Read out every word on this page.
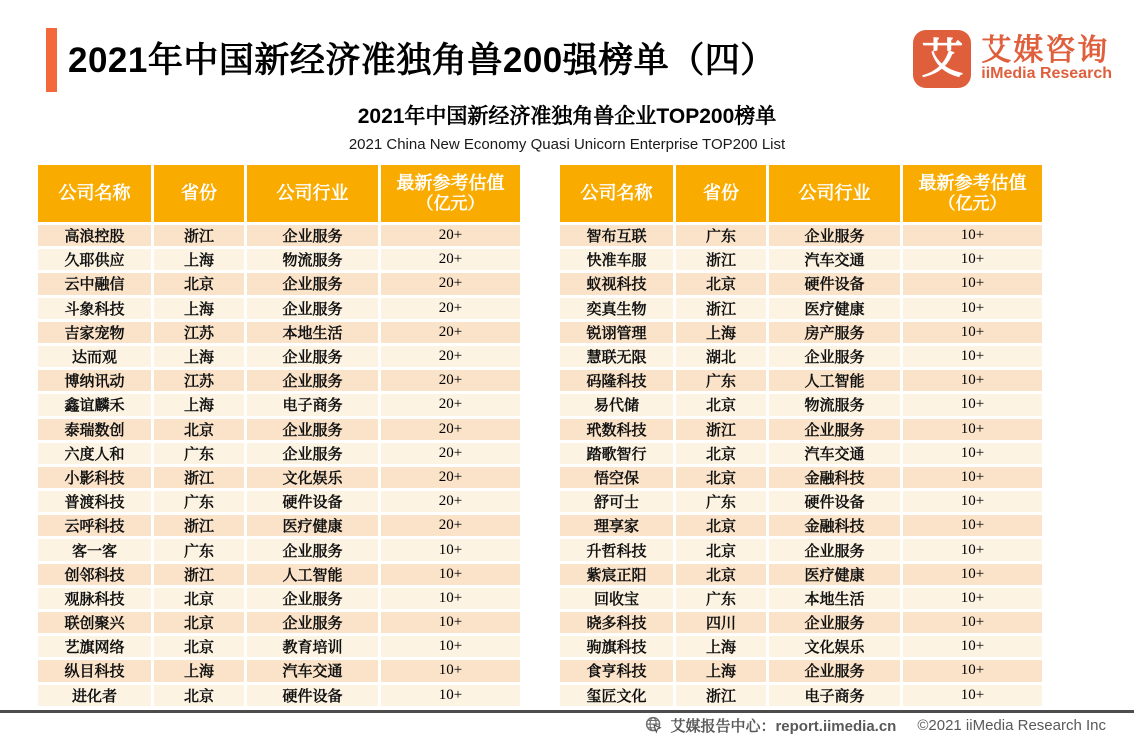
2021年中国新经济准独角兽200强榜单（四）	艾 艾媒咨询
iiMedia Research
2021年中国新经济准独角兽企业TOP200榜单
2021 China New Economy Quasi Unicorn Enterprise TOP200 List
公司名称	省份	公司行业	最新参考估值
（亿元）
高浪控股	浙江	企业服务	20+
久耶供应	上海	物流服务	20+
云中融信	北京	企业服务	20+
斗象科技	上海	企业服务	20+
吉家宠物	江苏	本地生活	20+
达而观	上海	企业服务	20+
博纳讯动	江苏	企业服务	20+
鑫谊麟禾	上海	电子商务	20+
泰瑞数创	北京	企业服务	20+
六度人和	广东	企业服务	20+
小影科技	浙江	文化娱乐	20+
普渡科技	广东	硬件设备	20+
云呼科技	浙江	医疗健康	20+
客一客	广东	企业服务	10+
创邻科技	浙江	人工智能	10+
观脉科技	北京	企业服务	10+
联创聚兴	北京	企业服务	10+
艺旗网络	北京	教育培训	10+
纵目科技	上海	汽车交通	10+
进化者	北京	硬件设备	10+
公司名称	省份	公司行业	最新参考估值
（亿元）
智布互联	广东	企业服务	10+
快准车服	浙江	汽车交通	10+
蚁视科技	北京	硬件设备	10+
奕真生物	浙江	医疗健康	10+
锐诩管理	上海	房产服务	10+
慧联无限	湖北	企业服务	10+
码隆科技	广东	人工智能	10+
易代储	北京	物流服务	10+
玳数科技	浙江	企业服务	10+
踏歌智行	北京	汽车交通	10+
悟空保	北京	金融科技	10+
舒可士	广东	硬件设备	10+
理享家	北京	金融科技	10+
升哲科技	北京	企业服务	10+
紫宸正阳	北京	医疗健康	10+
回收宝	广东	本地生活	10+
晓多科技	四川	企业服务	10+
驹旗科技	上海	文化娱乐	10+
食亨科技	上海	企业服务	10+
玺匠文化	浙江	电子商务	10+
艾媒报告中心：report.iimedia.cn ©2021 iiMedia Research Inc
